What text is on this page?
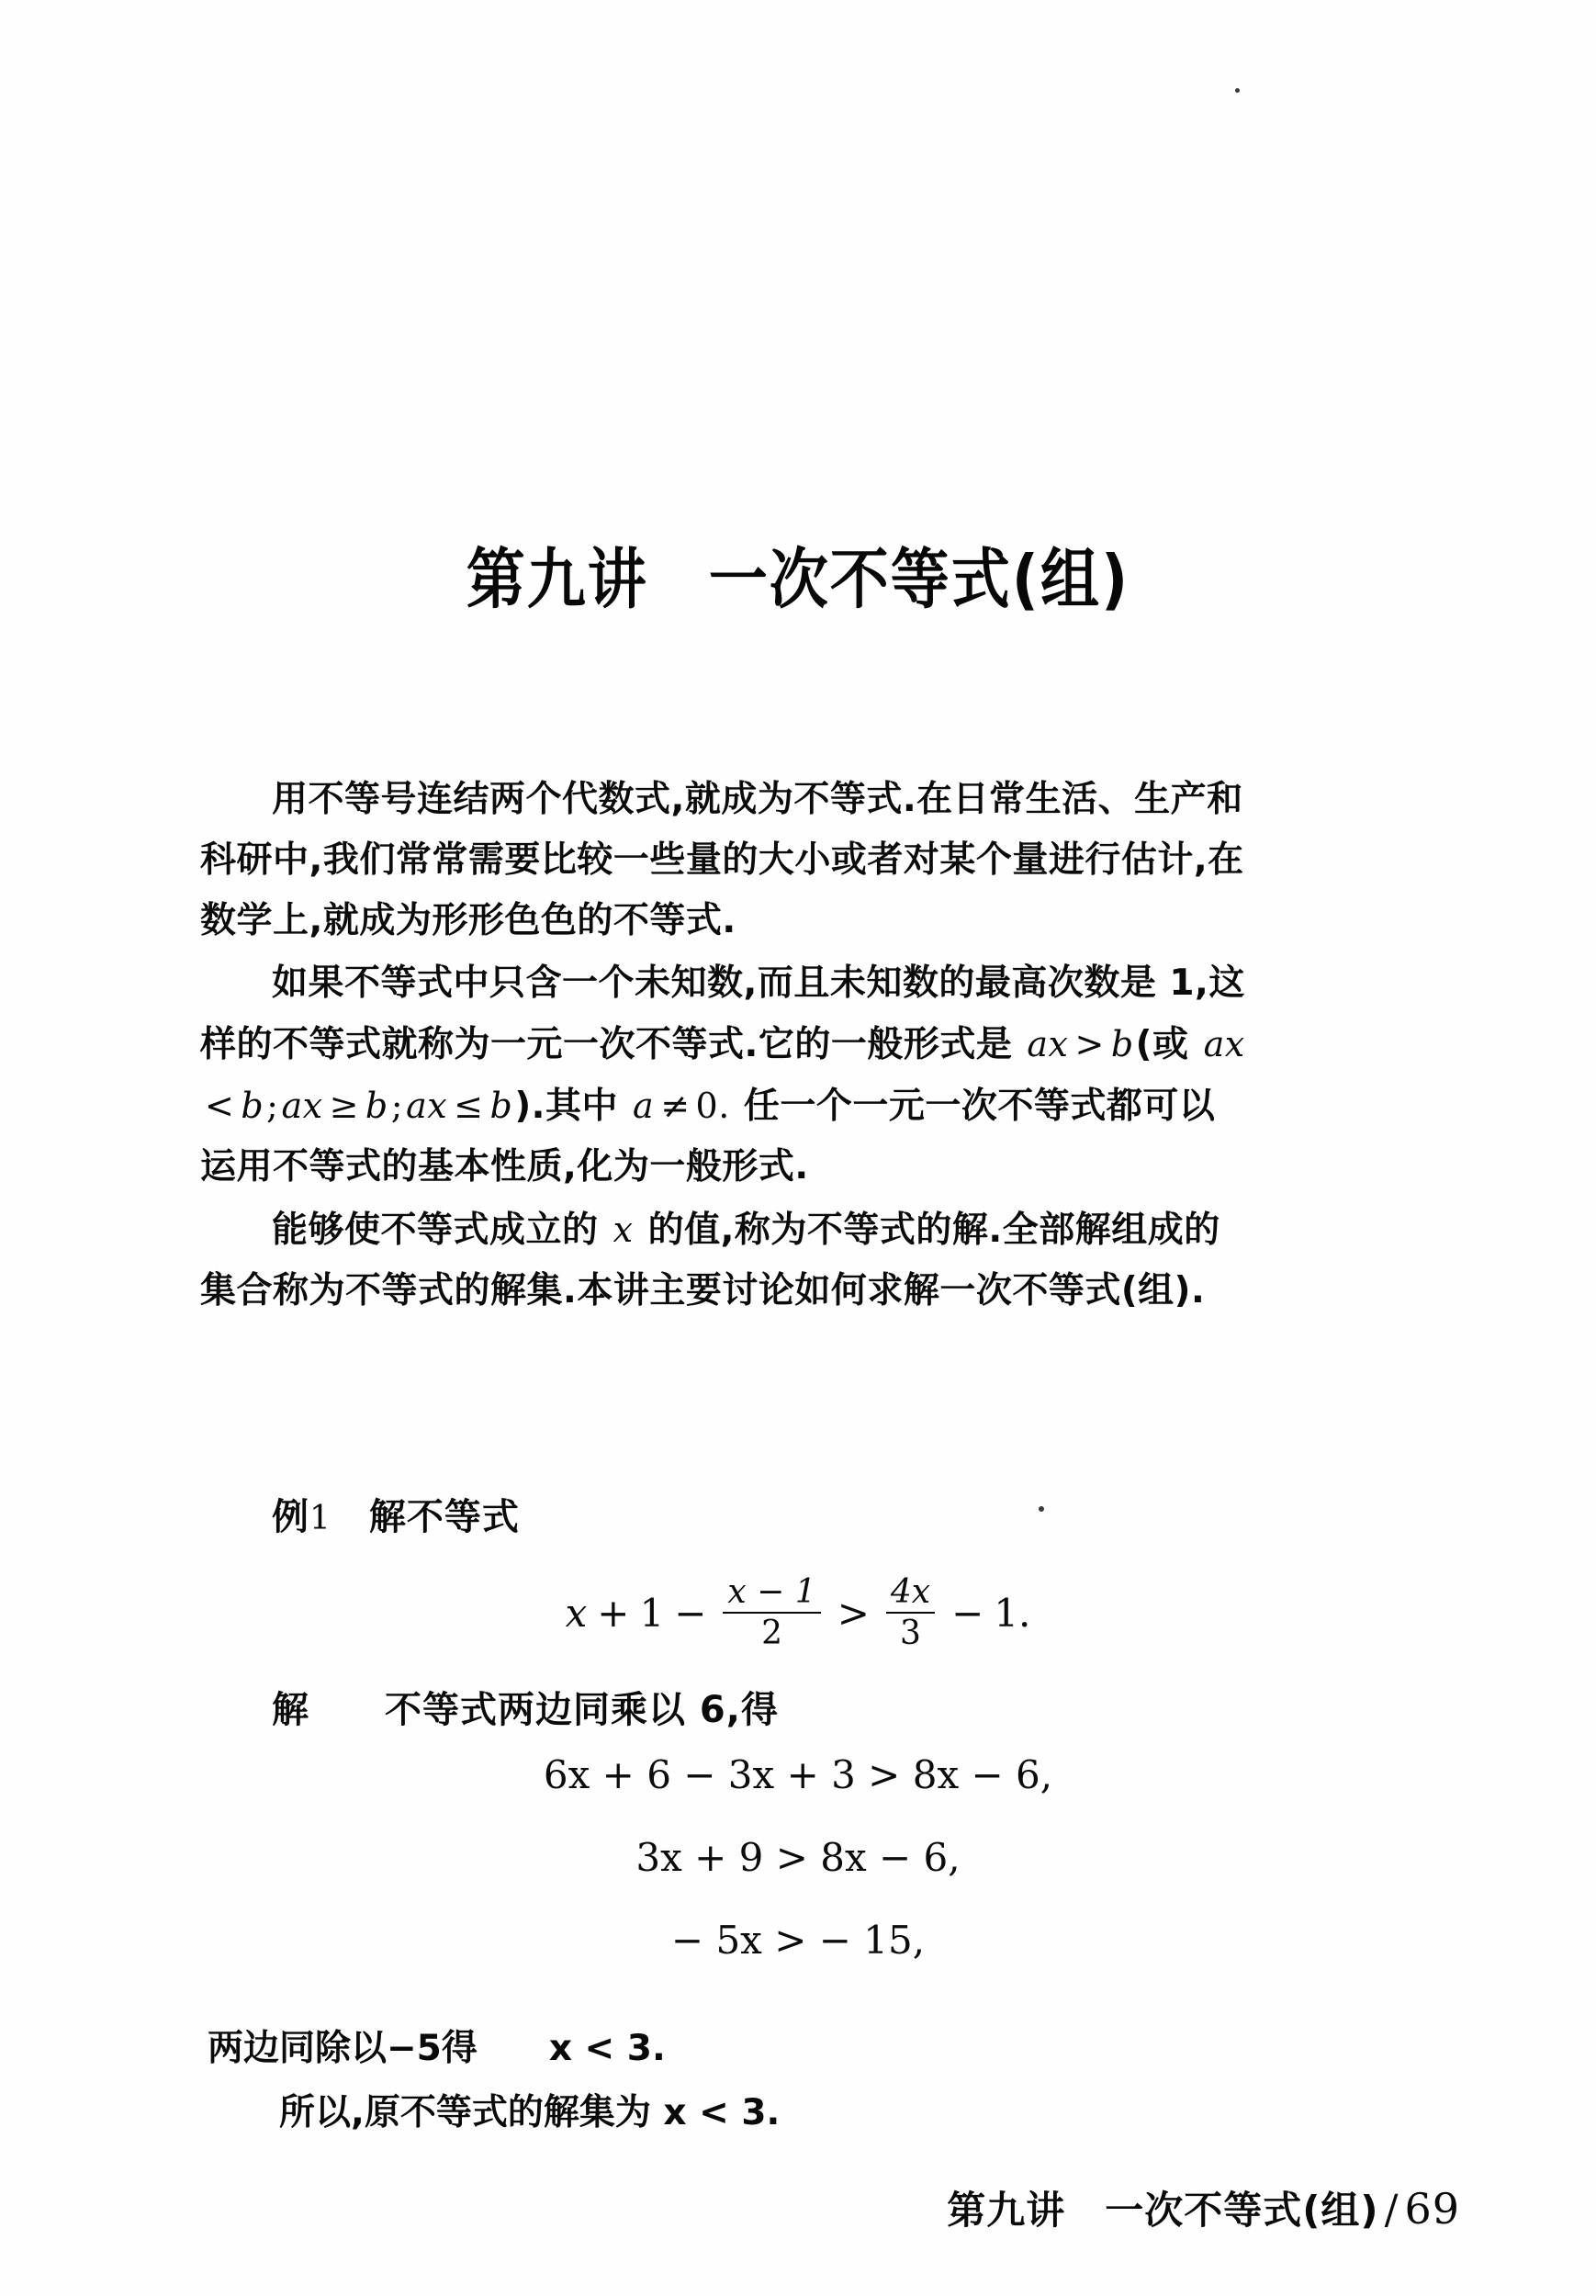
第九讲　一次不等式(组)

用不等号连结两个代数式,就成为不等式.在日常生活、生产和
科研中,我们常常需要比较一些量的大小或者对某个量进行估计,在
数学上,就成为形形色色的不等式.

如果不等式中只含一个未知数,而且未知数的最高次数是 1,这
样的不等式就称为一元一次不等式.它的一般形式是 ax > b(或 ax
< b;ax ≥ b;ax ≤ b).其中 a ≠ 0. 任一个一元一次不等式都可以
运用不等式的基本性质,化为一般形式.

能够使不等式成立的 x 的值,称为不等式的解.全部解组成的
集合称为不等式的解集.本讲主要讨论如何求解一次不等式(组).

例1　 解不等式
$x + 1 - \frac{x - 1}{2} > \frac{4x}{3} - 1$.
解　　 不等式两边同乘以 6,得
6x + 6 − 3x + 3 > 8x − 6,
3x + 9 > 8x − 6,
− 5x > − 15,
两边同除以−5得　　x < 3.
所以,原不等式的解集为 x < 3.
第九讲　一次不等式(组) / 69
